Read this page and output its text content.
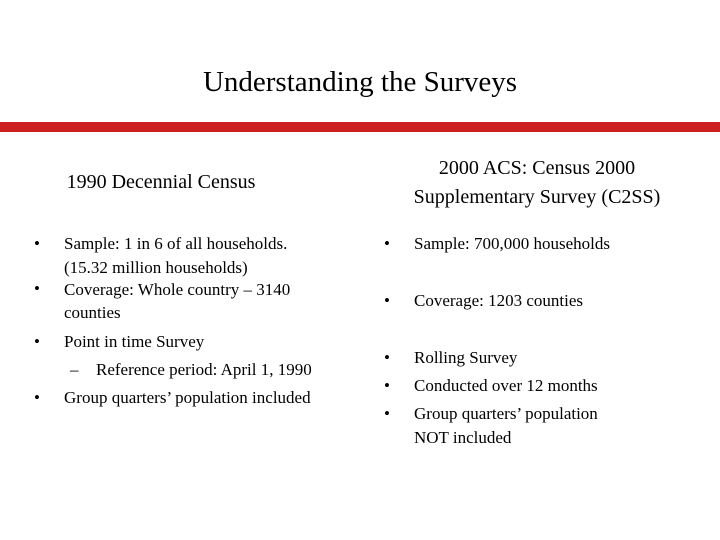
Understanding the Surveys
1990 Decennial Census
2000 ACS: Census 2000
Supplementary Survey (C2SS)
•	Sample: 1 in 6 of all households.
(15.32 million households)
•	Coverage: Whole country – 3140
counties
•	Point in time Survey
–	Reference period: April 1, 1990
•	Group quarters’ population included
•	Sample: 700,000 households
•	Coverage: 1203 counties
•	Rolling Survey
•	Conducted over 12 months
•	Group quarters’ population
NOT included
